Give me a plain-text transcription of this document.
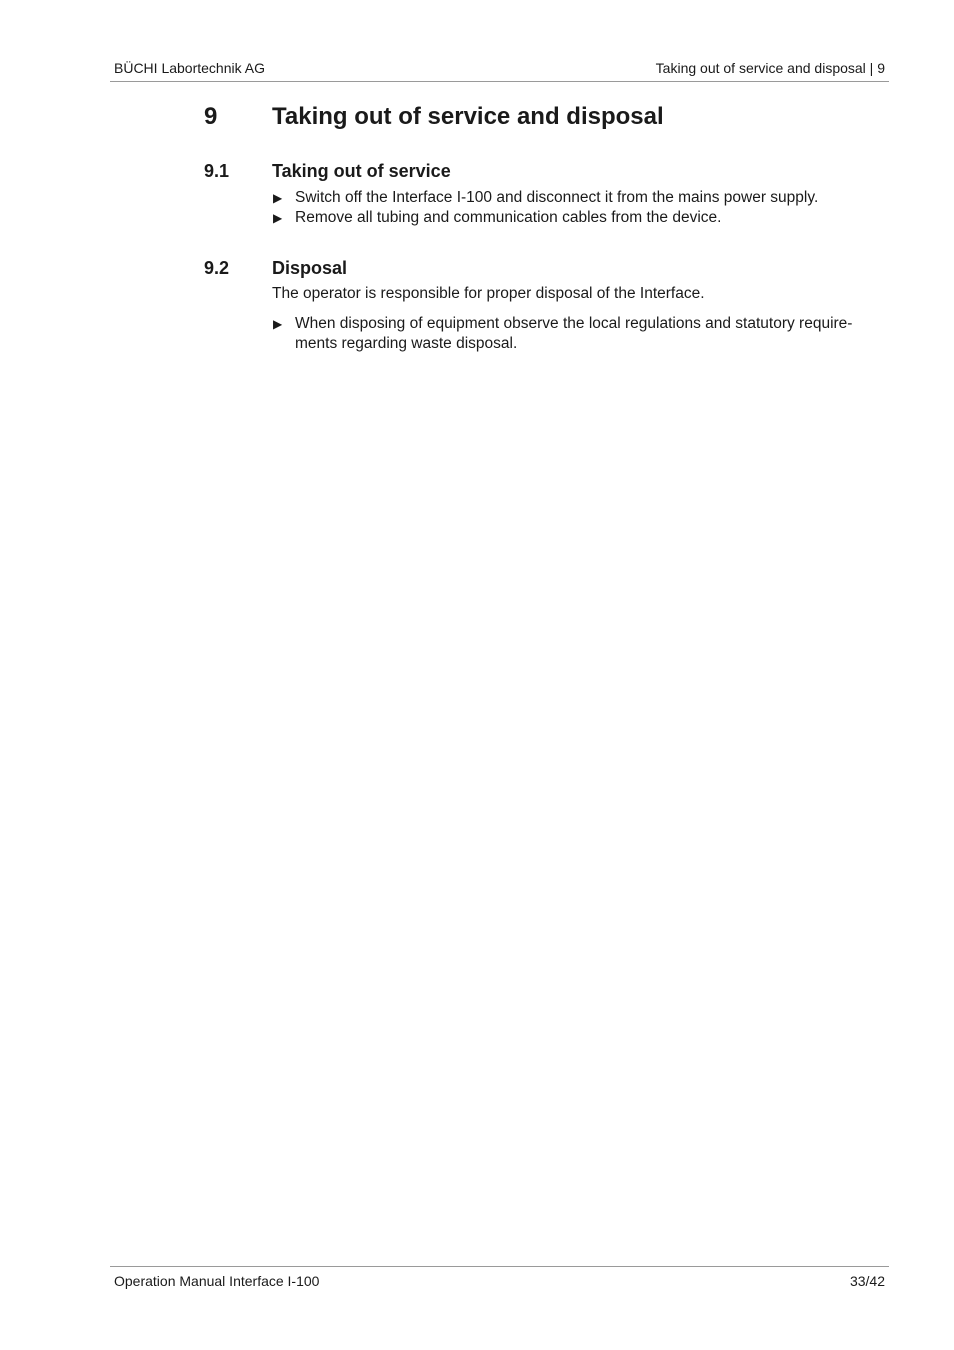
BÜCHI Labortechnik AG	Taking out of service and disposal | 9
9 Taking out of service and disposal
9.1 Taking out of service
▶ Switch off the Interface I-100 and disconnect it from the mains power supply.
▶ Remove all tubing and communication cables from the device.
9.2 Disposal

The operator is responsible for proper disposal of the Interface.

▶ When disposing of equipment observe the local regulations and statutory require-ments regarding waste disposal.
Operation Manual Interface I-100	33/42
